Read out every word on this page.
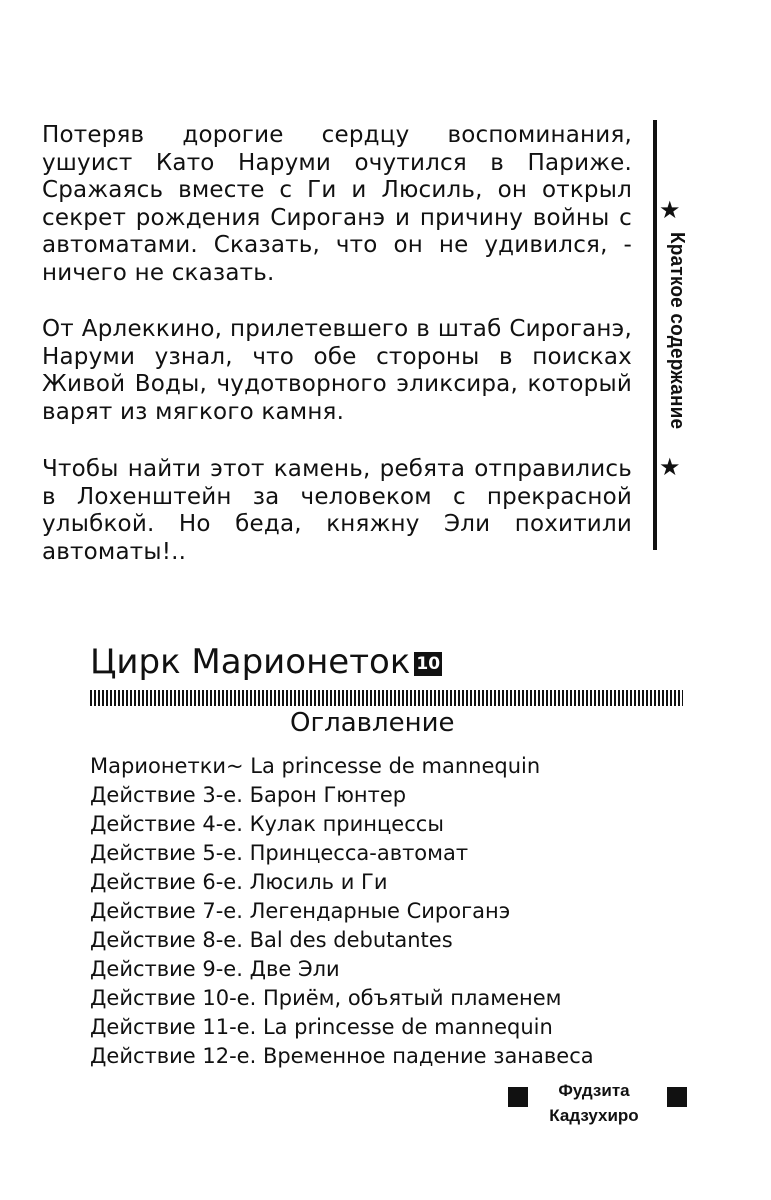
Потеряв дорогие сердцу воспоминания, ушуист Като Наруми очутился в Париже. Сражаясь вместе с Ги и Люсиль, он открыл секрет рождения Сироганэ и причину войны с автоматами. Сказать, что он не удивился, - ничего не сказать.
От Арлеккино, прилетевшего в штаб Сироганэ, Наруми узнал, что обе стороны в поисках Живой Воды, чудотворного эликсира, который варят из мягкого камня.
Чтобы найти этот камень, ребята отправились в Лохенштейн за человеком с прекрасной улыбкой. Но беда, княжну Эли похитили автоматы!..
★
Краткое содержание
★
Цирк Марионеток 10
Оглавление
Марионетки~ La princesse de mannequin
Действие 3-е. Барон Гюнтер
Действие 4-е. Кулак принцессы
Действие 5-е. Принцесса-автомат
Действие 6-е. Люсиль и Ги
Действие 7-е. Легендарные Сироганэ
Действие 8-е. Bal des debutantes
Действие 9-е. Две Эли
Действие 10-е. Приём, объятый пламенем
Действие 11-е. La princesse de mannequin
Действие 12-е. Временное падение занавеса
Фудзита
Кадзухиро
